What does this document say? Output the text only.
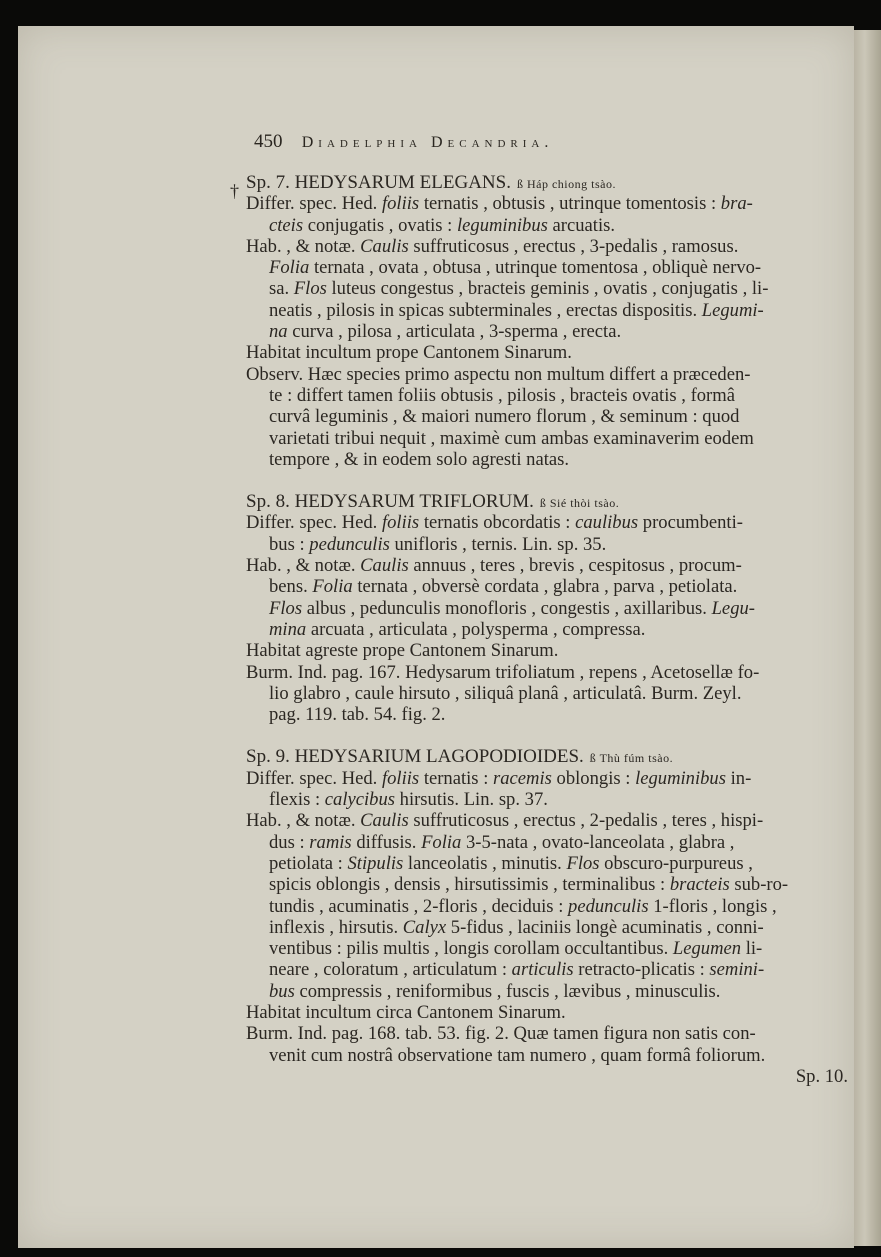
450 Diadelphia Decandria.
† Sp. 7. HEDYSARUM ELEGANS. ß Háp chiong tsào.
Differ. spec. Hed. foliis ternatis , obtusis , utrinque tomentosis : bra-
cteis conjugatis , ovatis : leguminibus arcuatis.
Hab. , & notæ. Caulis suffruticosus , erectus , 3-pedalis , ramosus.
Folia ternata , ovata , obtusa , utrinque tomentosa , obliquè nervo-
sa. Flos luteus congestus , bracteis geminis , ovatis , conjugatis , li-
neatis , pilosis in spicas subterminales , erectas dispositis. Legumi-
na curva , pilosa , articulata , 3-sperma , erecta.
Habitat incultum prope Cantonem Sinarum.
Observ. Hæc species primo aspectu non multum differt a præceden-
te : differt tamen foliis obtusis , pilosis , bracteis ovatis , formâ
curvâ leguminis , & maiori numero florum , & seminum : quod
varietati tribui nequit , maximè cum ambas examinaverim eodem
tempore , & in eodem solo agresti natas.
Sp. 8. HEDYSARUM TRIFLORUM. ß Sié thòi tsào.
Differ. spec. Hed. foliis ternatis obcordatis : caulibus procumbenti-
bus : pedunculis unifloris , ternis. Lin. sp. 35.
Hab. , & notæ. Caulis annuus , teres , brevis , cespitosus , procum-
bens. Folia ternata , obversè cordata , glabra , parva , petiolata.
Flos albus , pedunculis monofloris , congestis , axillaribus. Legu-
mina arcuata , articulata , polysperma , compressa.
Habitat agreste prope Cantonem Sinarum.
Burm. Ind. pag. 167. Hedysarum trifoliatum , repens , Acetosellæ fo-
lio glabro , caule hirsuto , siliquâ planâ , articulatâ. Burm. Zeyl.
pag. 119. tab. 54. fig. 2.
Sp. 9. HEDYSARIUM LAGOPODIOIDES. ß Thù fúm tsào.
Differ. spec. Hed. foliis ternatis : racemis oblongis : leguminibus in-
flexis : calycibus hirsutis. Lin. sp. 37.
Hab. , & notæ. Caulis suffruticosus , erectus , 2-pedalis , teres , hispi-
dus : ramis diffusis. Folia 3-5-nata , ovato-lanceolata , glabra ,
petiolata : Stipulis lanceolatis , minutis. Flos obscuro-purpureus ,
spicis oblongis , densis , hirsutissimis , terminalibus : bracteis sub-ro-
tundis , acuminatis , 2-floris , deciduis : pedunculis 1-floris , longis ,
inflexis , hirsutis. Calyx 5-fidus , laciniis longè acuminatis , conni-
ventibus : pilis multis , longis corollam occultantibus. Legumen li-
neare , coloratum , articulatum : articulis retracto-plicatis : semini-
bus compressis , reniformibus , fuscis , lævibus , minusculis.
Habitat incultum circa Cantonem Sinarum.
Burm. Ind. pag. 168. tab. 53. fig. 2. Quæ tamen figura non satis con-
venit cum nostrâ observatione tam numero , quam formâ foliorum.
Sp. 10.
